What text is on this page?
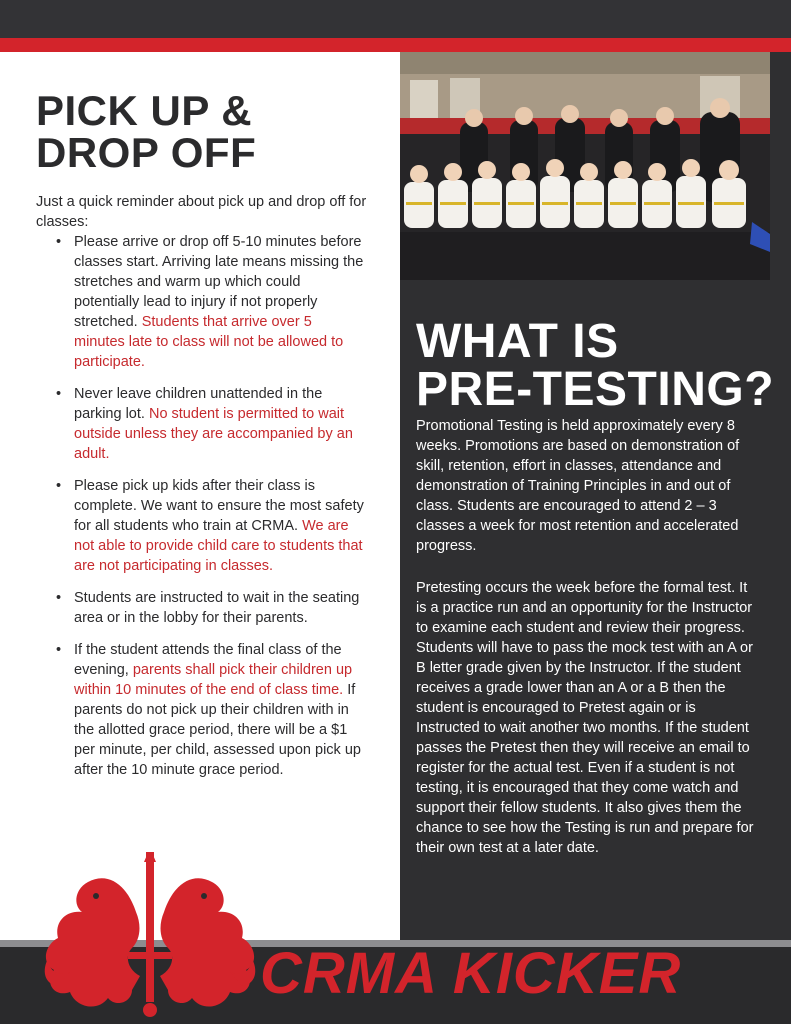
PICK UP &
DROP OFF

Just a quick reminder about pick up and drop off for classes:

• Please arrive or drop off 5-10 minutes before classes start. Arriving late means missing the stretches and warm up which could potentially lead to injury if not properly stretched. Students that arrive over 5 minutes late to class will not be allowed to participate.
• Never leave children unattended in the parking lot. No student is permitted to wait outside unless they are accompanied by an adult.
• Please pick up kids after their class is complete. We want to ensure the most safety for all students who train at CRMA. We are not able to provide child care to students that are not participating in classes.
• Students are instructed to wait in the seating area or in the lobby for their parents.
• If the student attends the final class of the evening, parents shall pick their children up within 10 minutes of the end of class time. If parents do not pick up their children with in the allotted grace period, there will be a $1 per minute, per child, assessed upon pick up after the 10 minute grace period.
WHAT IS
PRE-TESTING?

Promotional Testing is held approximately every 8 weeks. Promotions are based on demonstration of skill, retention, effort in classes, attendance and demonstration of Training Principles in and out of class. Students are encouraged to attend 2 – 3 classes a week for most retention and accelerated progress.

Pretesting occurs the week before the formal test. It is a practice run and an opportunity for the Instructor to examine each student and review their progress. Students will have to pass the mock test with an A or B letter grade given by the Instructor. If the student receives a grade lower than an A or a B then the student is encouraged to Pretest again or is Instructed to wait another two months. If the student passes the Pretest then they will receive an email to register for the actual test. Even if a student is not testing, it is encouraged that they come watch and support their fellow students. It also gives them the chance to see how the Testing is run and prepare for their own test at a later date.

CRMA KICKER
